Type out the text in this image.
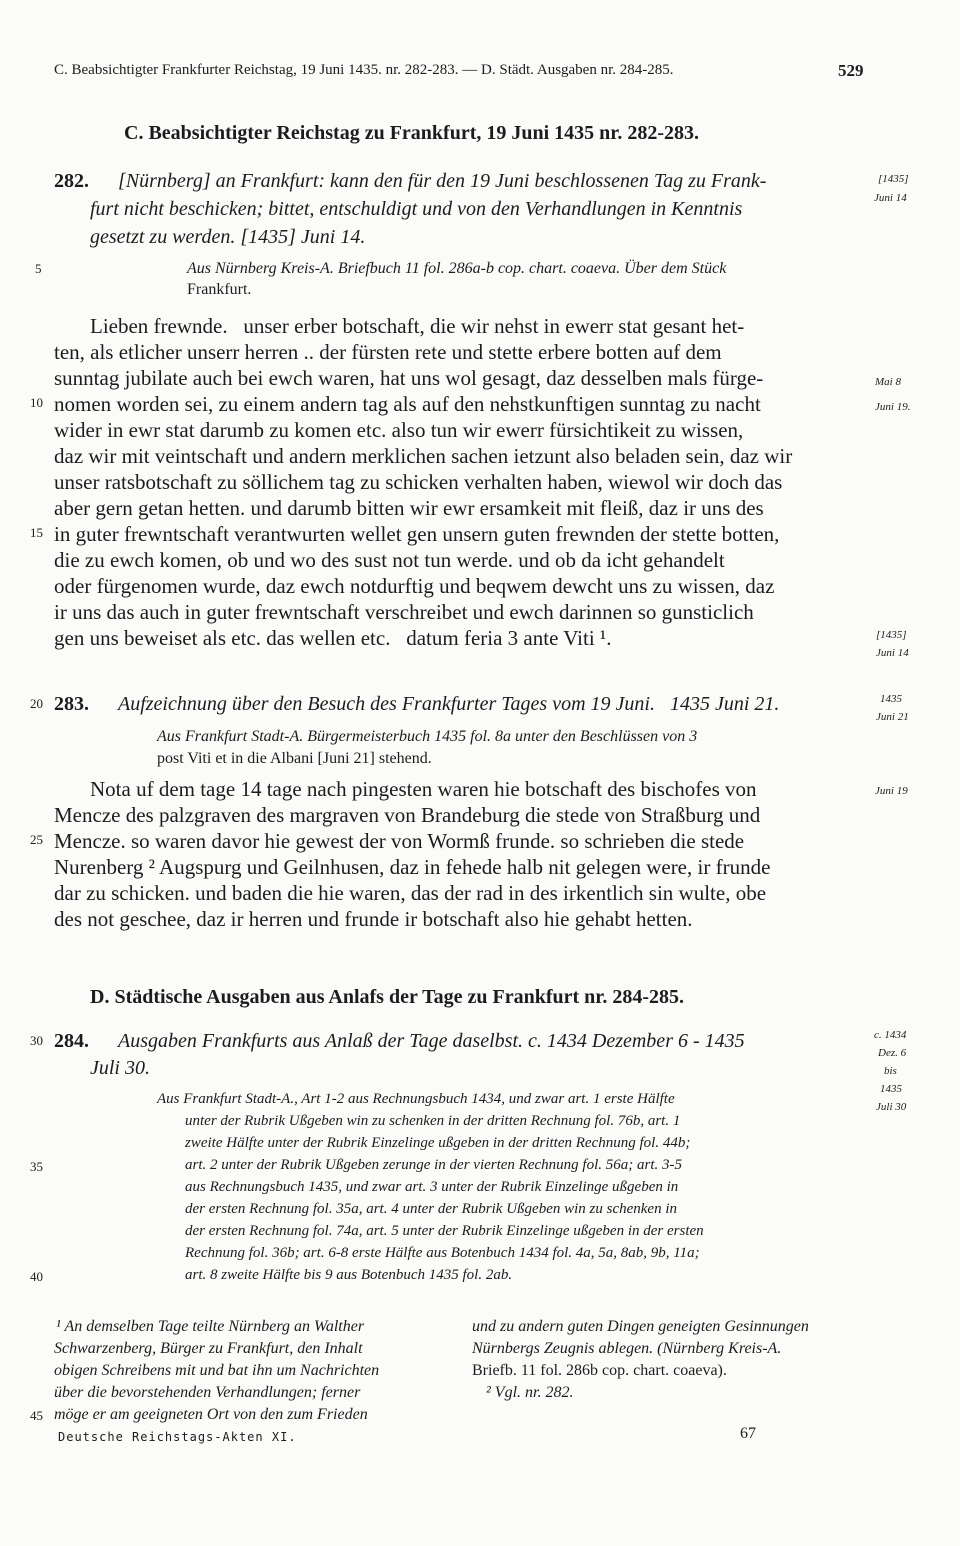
C. Beabsichtigter Frankfurter Reichstag, 19 Juni 1435. nr. 282-283. — D. Städt. Ausgaben nr. 284-285.	529
C. Beabsichtigter Reichstag zu Frankfurt, 19 Juni 1435 nr. 282-283.
282. [Nürnberg] an Frankfurt: kann den für den 19 Juni beschlossenen Tag zu Frank-
furt nicht beschicken; bittet, entschuldigt und von den Verhandlungen in Kenntnis
gesetzt zu werden. [1435] Juni 14.
[1435]
Juni 14
5	Aus Nürnberg Kreis-A. Briefbuch 11 fol. 286a-b cop. chart. coaeva. Über dem Stück
Frankfurt.
Lieben frewnde.   unser erber botschaft, die wir nehst in ewerr stat gesant het-
ten, als etlicher unserr herren .. der fürsten rete und stette erbere botten auf dem
sunntag jubilate auch bei ewch waren, hat uns wol gesagt, daz desselben mals fürge-	Mai 8
10 nomen worden sei, zu einem andern tag als auf den nehstkunftigen sunntag zu nacht	Juni 19.
wider in ewr stat darumb zu komen etc. also tun wir ewerr fürsichtikeit zu wissen,
daz wir mit veintschaft und andern merklichen sachen ietzunt also beladen sein, daz wir
unser ratsbotschaft zu söllichem tag zu schicken verhalten haben, wiewol wir doch das
aber gern getan hetten. und darumb bitten wir ewr ersamkeit mit fleiß, daz ir uns des
15 in guter frewntschaft verantwurten wellet gen unsern guten frewnden der stette botten,
die zu ewch komen, ob und wo des sust not tun werde. und ob da icht gehandelt
oder fürgenomen wurde, daz ewch notdurftig und beqwem dewcht uns zu wissen, daz
ir uns das auch in guter frewntschaft verschreibet und ewch darinnen so gunsticlich
gen uns beweiset als etc. das wellen etc.   datum feria 3 ante Viti ¹.	[1435]
Juni 14
20 283. Aufzeichnung über den Besuch des Frankfurter Tages vom 19 Juni.   1435 Juni 21.	1435
Juni 21
Aus Frankfurt Stadt-A. Bürgermeisterbuch 1435 fol. 8a unter den Beschlüssen von 3
post Viti et in die Albani [Juni 21] stehend.
Nota uf dem tage 14 tage nach pingesten waren hie botschaft des bischofes von	Juni 19
Mencze des palzgraven des margraven von Brandeburg die stede von Straßburg und
25 Mencze. so waren davor hie gewest der von Wormß frunde. so schrieben die stede
Nurenberg ² Augspurg und Geilnhusen, daz in fehede halb nit gelegen were, ir frunde
dar zu schicken. und baden die hie waren, das der rad in des irkentlich sin wulte, obe
des not geschee, daz ir herren und frunde ir botschaft also hie gehabt hetten.
D. Städtische Ausgaben aus Anlafs der Tage zu Frankfurt nr. 284-285.
30 284. Ausgaben Frankfurts aus Anlaß der Tage daselbst. c. 1434 Dezember 6 - 1435
Juli 30.
c. 1434
Dez. 6
bis
1435
Juli 30
Aus Frankfurt Stadt-A., Art 1-2 aus Rechnungsbuch 1434, und zwar art. 1 erste Hälfte
unter der Rubrik Ußgeben win zu schenken in der dritten Rechnung fol. 76b, art. 1
zweite Hälfte unter der Rubrik Einzelinge ußgeben in der dritten Rechnung fol. 44b;
35	art. 2 unter der Rubrik Ußgeben zerunge in der vierten Rechnung fol. 56a; art. 3-5
aus Rechnungsbuch 1435, und zwar art. 3 unter der Rubrik Einzelinge ußgeben in
der ersten Rechnung fol. 35a, art. 4 unter der Rubrik Ußgeben win zu schenken in
der ersten Rechnung fol. 74a, art. 5 unter der Rubrik Einzelinge ußgeben in der ersten
Rechnung fol. 36b; art. 6-8 erste Hälfte aus Botenbuch 1434 fol. 4a, 5a, 8ab, 9b, 11a;
40	art. 8 zweite Hälfte bis 9 aus Botenbuch 1435 fol. 2ab.
¹ An demselben Tage teilte Nürnberg an Walther
Schwarzenberg, Bürger zu Frankfurt, den Inhalt
obigen Schreibens mit und bat ihn um Nachrichten
über die bevorstehenden Verhandlungen; ferner
45 möge er am geeigneten Ort von den zum Frieden
und zu andern guten Dingen geneigten Gesinnungen
Nürnbergs Zeugnis ablegen. (Nürnberg Kreis-A.
Briefb. 11 fol. 286b cop. chart. coaeva).
² Vgl. nr. 282.
Deutsche Reichstags-Akten XI.	67
